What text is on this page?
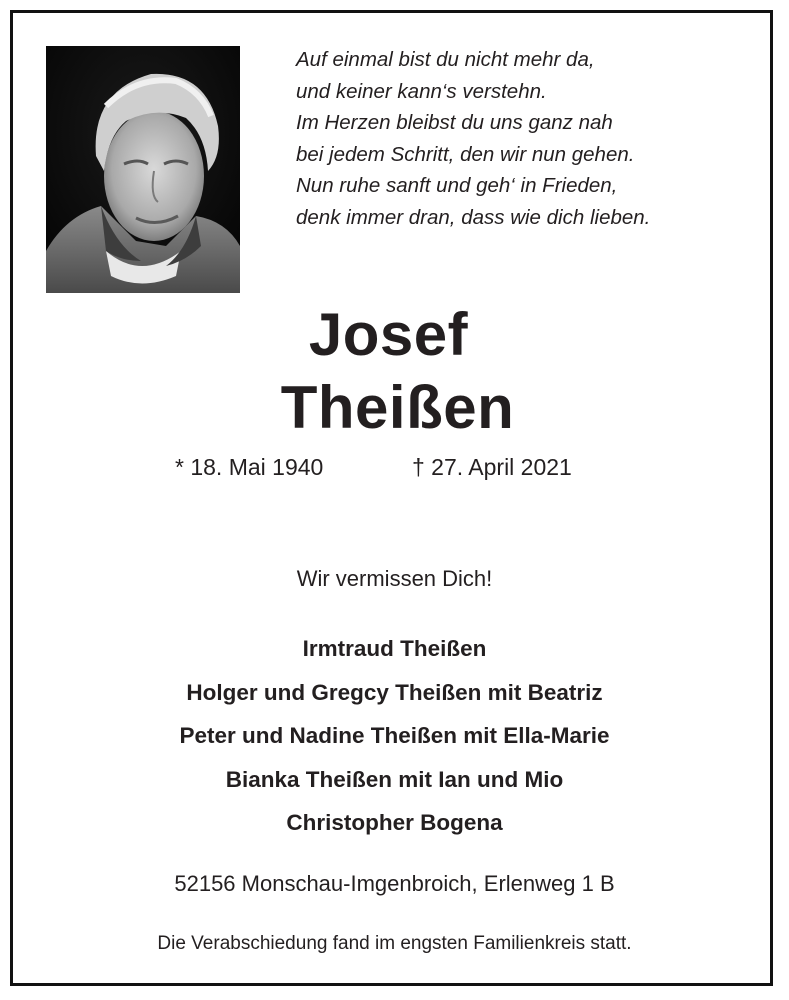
Auf einmal bist du nicht mehr da,
und keiner kann‘s verstehn.
Im Herzen bleibst du uns ganz nah
bei jedem Schritt, den wir nun gehen.
Nun ruhe sanft und geh‘ in Frieden,
denk immer dran, dass wie dich lieben.
Josef
Theißen
* 18. Mai 1940	† 27. April 2021
Wir vermissen Dich!
Irmtraud Theißen
Holger und Gregcy Theißen mit Beatriz
Peter und Nadine Theißen mit Ella-Marie
Bianka Theißen mit Ian und Mio
Christopher Bogena
52156 Monschau-Imgenbroich, Erlenweg 1 B
Die Verabschiedung fand im engsten Familienkreis statt.
